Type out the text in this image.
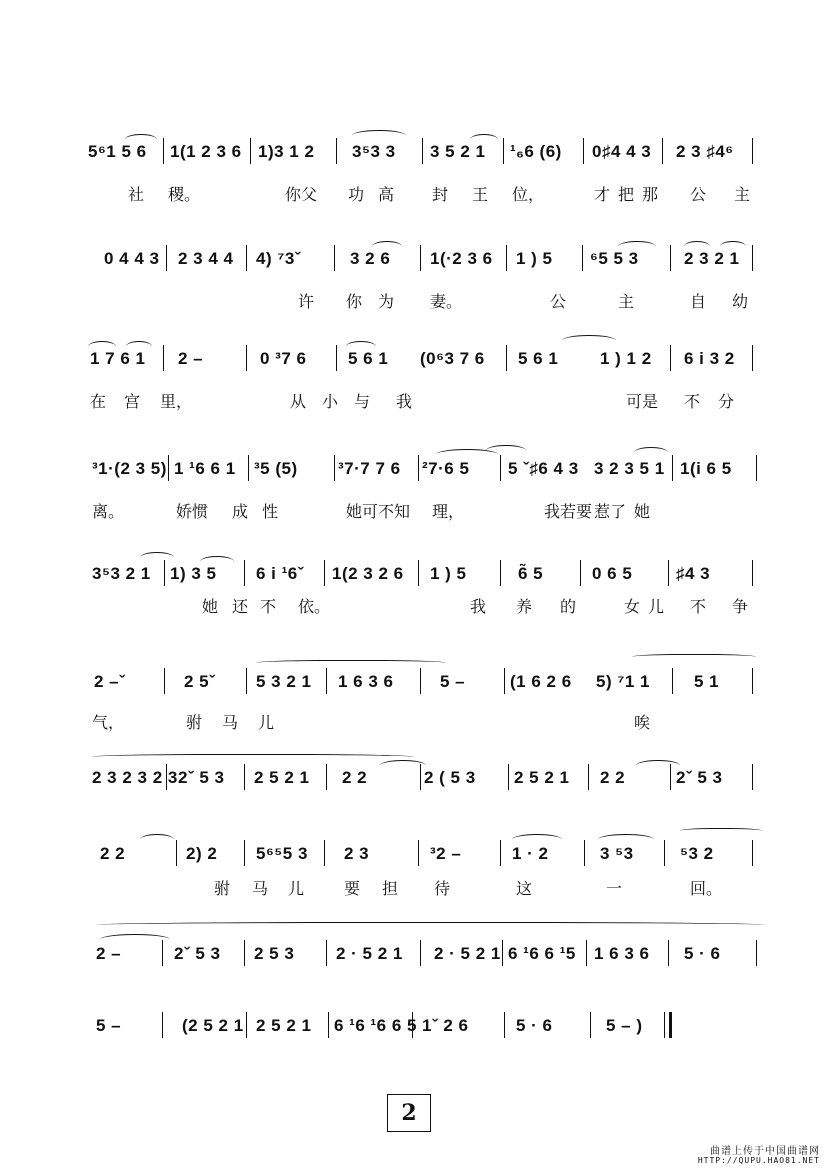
5⁶1 5 6 1(1 2 3 6 1)3 1 2 3⁵3 3 3 5 2 1 ¹₆6 (6) 0♯4 4 3 2 3 ♯4⁶
社 稷。	你父 功 高 封 王 位，	才 把 那 公 主
0 4 4 3 2 3 4 4 4) ⁷3ˇ	3 2 6 1(·2 3 6 1 ) 5 ⁶5 5 3	2 3 2 1
许 你 为 妻。	公	主	自 幼
1 7 6 1 2 –	0 ³7 6 5 6 1 (0⁶3 7 6 5 6 1 1 ) 1 2 6 i 3 2
在 宫 里，	从 小 与 我	可是 不 分
³1·(2 3 5) 1 ¹6 6 1 ³5 (5) ³7·7 7 6 ²7·6 5 5 ˇ♯6 4 3 3 2 3 5 1 1(i 6 5
离。	娇惯 成 性	她可不知 理，	我若要 惹了 她
3⁵3 2 1 1) 3 5 6 i ¹6ˇ 1(2 3 2 6 1 ) 5	6̃ 5	0 6 5	♯4 3
她 还 不 依。	我 养 的	女 儿 不 争
2 –ˇ	2 5ˇ 5 3 2 1 1 6 3 6	5 –	(1 6 2 6 5) ⁷1 1	5 1
气，	驸 马 儿	唉
2 3 2 3 2 3 2ˇ 5 3 2 5 2 1 2 2	2 ( 5 3 2 5 2 1 2 2	2ˇ 5 3
2 2	2) 2 5⁶⁵5 3 2 3	³2 –	1 · 2	3 ⁵3	⁵3 2
驸 马 儿 要 担 待	这	一	回。
2 –	2ˇ 5 3 2 5 3 2 · 5 2 1 2 · 5 2 1 6 ¹6 6 ¹5 1 6 3 6 5 · 6
5 –	(2 5 2 1 2 5 2 1 6 ¹6 ¹6 6 5 1ˇ 2 6	5 · 6	5 – )
2
曲谱上传于中国曲谱网
HTTP://QUPU.HAO81.NET
